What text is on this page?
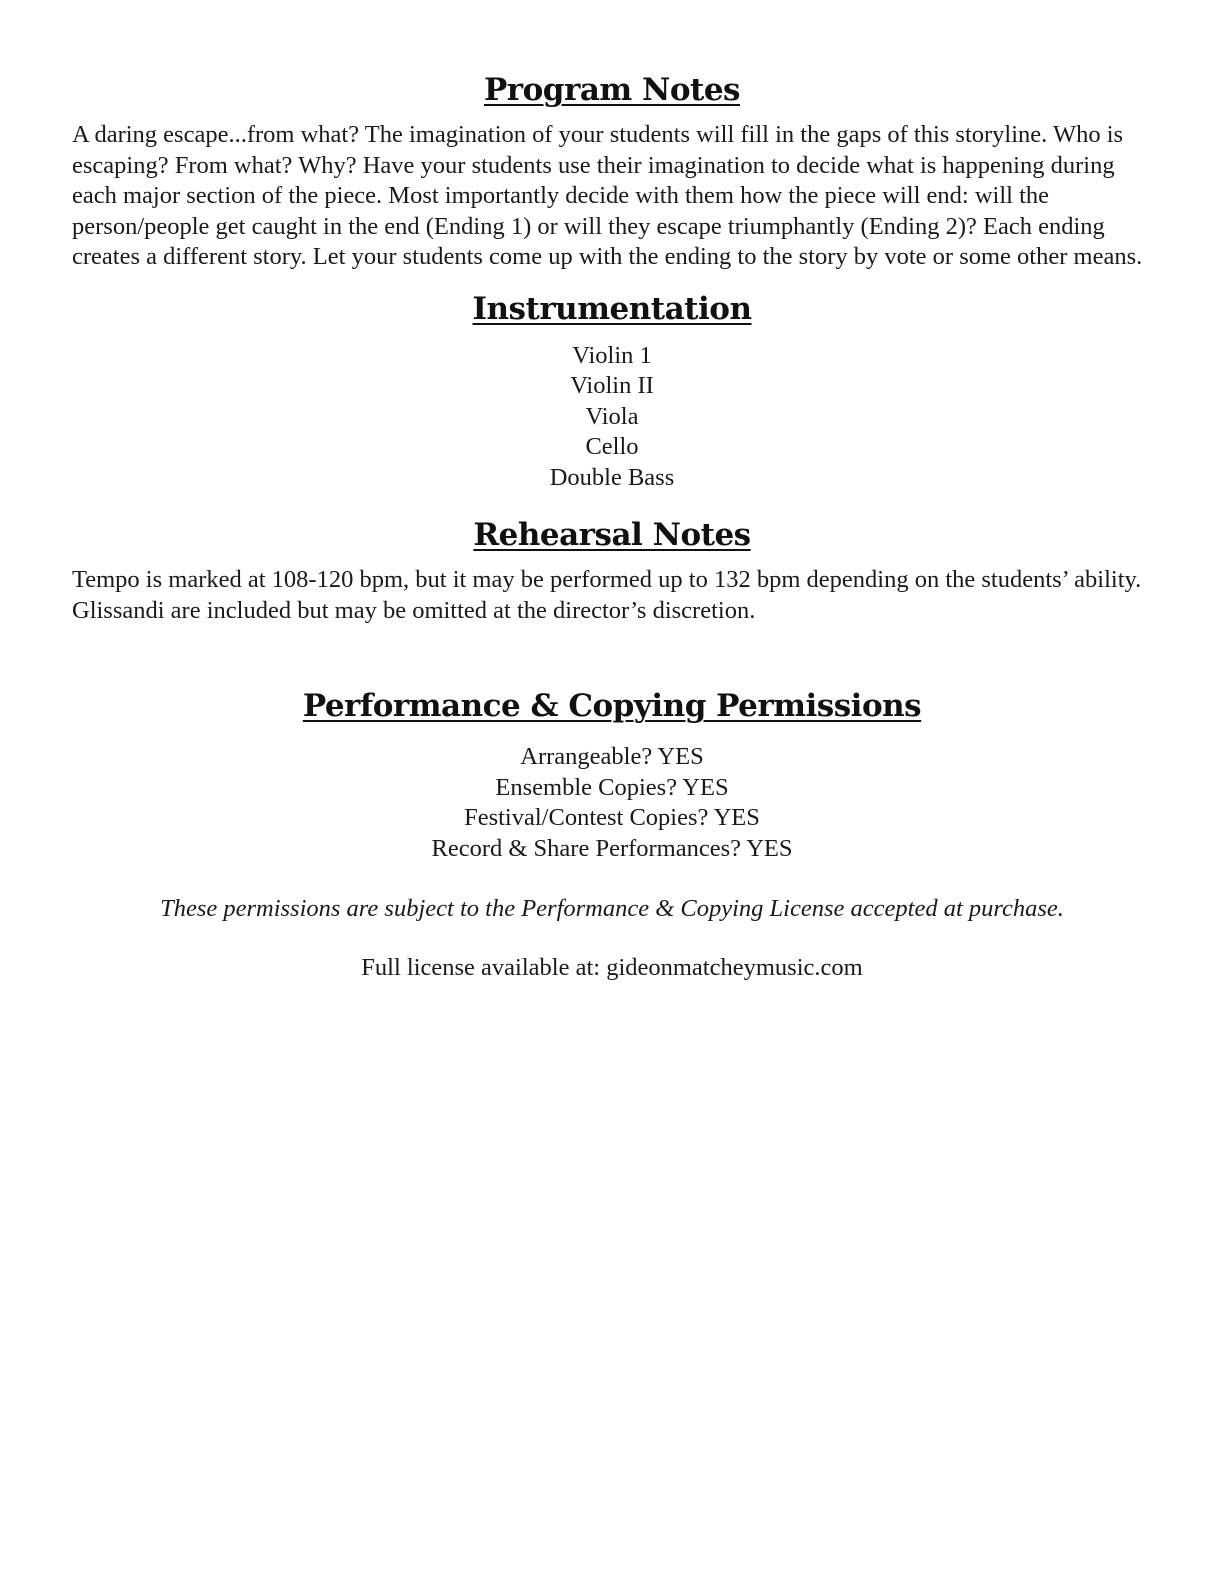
Program Notes

A daring escape...from what? The imagination of your students will fill in the gaps of this storyline. Who is escaping? From what? Why? Have your students use their imagination to decide what is happening during each major section of the piece. Most importantly decide with them how the piece will end: will the person/people get caught in the end (Ending 1) or will they escape triumphantly (Ending 2)? Each ending creates a different story. Let your students come up with the ending to the story by vote or some other means.

Instrumentation
Violin 1
Violin II
Viola
Cello
Double Bass
Rehearsal Notes

Tempo is marked at 108-120 bpm, but it may be performed up to 132 bpm depending on the students’ ability. Glissandi are included but may be omitted at the director’s discretion.

Performance & Copying Permissions
Arrangeable? YES
Ensemble Copies? YES
Festival/Contest Copies? YES
Record & Share Performances? YES

These permissions are subject to the Performance & Copying License accepted at purchase.

Full license available at: gideonmatcheymusic.com
